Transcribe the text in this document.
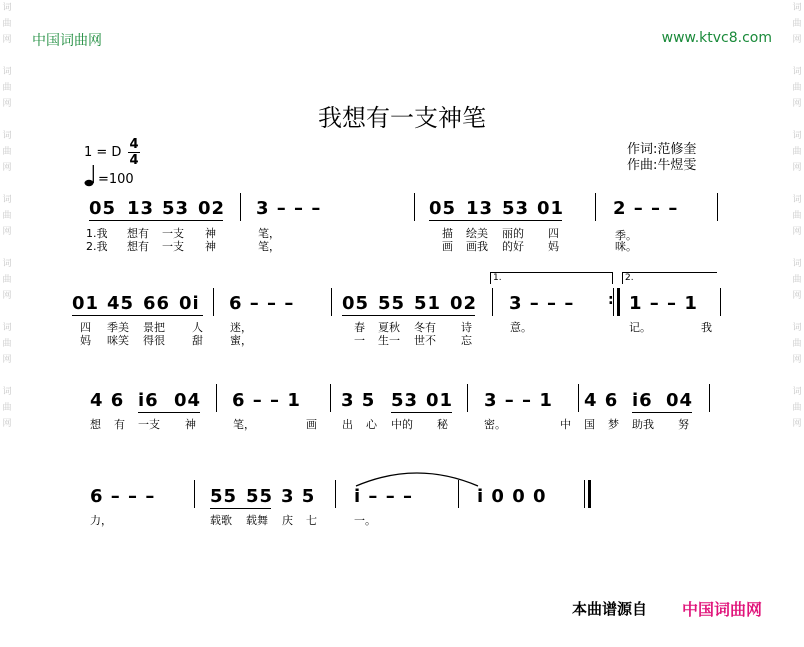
词曲网

词曲网

词曲网

词曲网

词曲网

词曲网

词曲网
词曲网

词曲网

词曲网

词曲网

词曲网

词曲网

词曲网
中国词曲网	www.ktvc8.com
我想有一支神笔
1 = D $\frac{4}{4}$
=100
作词:范修奎
作曲:牛煜雯
05 13 53 02 3 – – –	05 13 53 01	2 – – –
1.我 想有 一支 神	笔，	描 绘美 丽的 四	季。
2.我 想有 一支 神	笔，	画 画我 的好 妈	咪。
1.	2.
01 45 66 0i 6 – – –	05 55 51 02 3 – – – : 1 – – 1
四 季美 景把 人 迷，	春 夏秋 冬有 诗	意。	记。	我
妈 咪笑 得很 甜 蜜，	一 生一 世不 忘
4 6 i6 04 6 – – 1 3 5 53 01 3 – – 1 4 6 i6 04
想 有 一支 神	笔，	画 出 心 中的 秘	密。	中 国 梦 助我 努
6 – – –	55 55 3 5 i – – –	i 0 0 0
力，	载歌 载舞 庆 七	一。
本曲谱源自 中国词曲网
